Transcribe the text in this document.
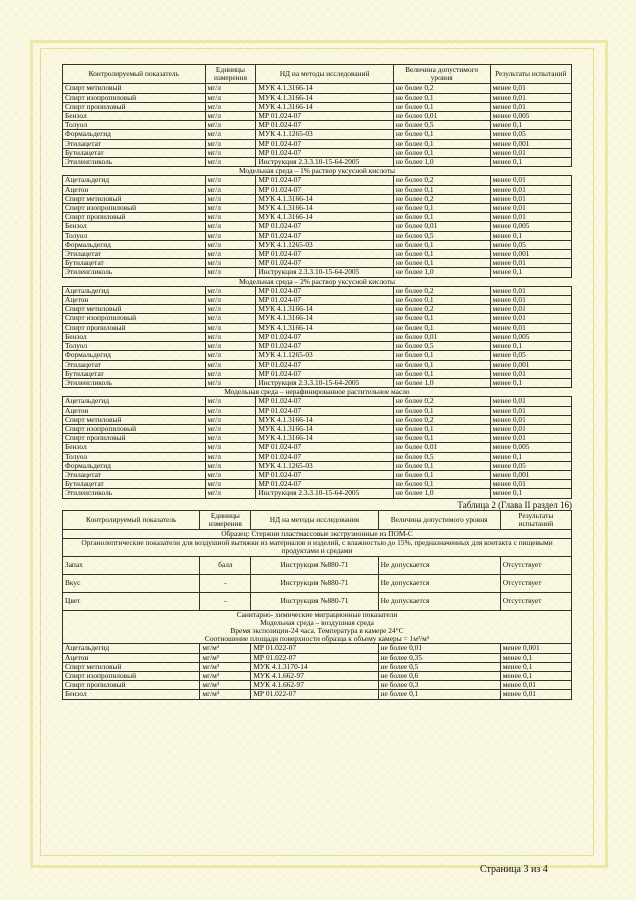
Контролируемый показатель	Единицы измерения	НД на методы исследований	Величина допустимого уровня	Результаты испытаний
Спирт метиловый	мг/л	МУК 4.1.3166-14	не более 0,2	менее 0,01
Спирт изопропиловый	мг/л	МУК 4.1.3166-14	не более 0,1	менее 0,01
Спирт пропиловый	мг/л	МУК 4.1.3166-14	не более 0,1	менее 0,01
Бензол	мг/л	МР 01.024-07	не более 0,01	менее 0,005
Толуол	мг/л	МР 01.024-07	не более 0,5	менее 0,1
Формальдегид	мг/л	МУК 4.1.1265-03	не более 0,1	менее 0,05
Этилацетат	мг/л	МР 01.024-07	не более 0,1	менее 0,001
Бутилацетат	мг/л	МР 01.024-07	не более 0,1	менее 0,01
Этиленгликоль	мг/л	Инструкция 2.3.3.10-15-64-2005	не более 1,0	менее 0,1
Модельная среда – 1% раствор уксусной кислоты				
Ацетальдегид	мг/л	МР 01.024-07	не более 0,2	менее 0,01
Ацетон	мг/л	МР 01.024-07	не более 0,1	менее 0,01
Спирт метиловый	мг/л	МУК 4.1.3166-14	не более 0,2	менее 0,01
Спирт изопропиловый	мг/л	МУК 4.1.3166-14	не более 0,1	менее 0,01
Спирт пропиловый	мг/л	МУК 4.1.3166-14	не более 0,1	менее 0,01
Бензол	мг/л	МР 01.024-07	не более 0,01	менее 0,005
Толуол	мг/л	МР 01.024-07	не более 0,5	менее 0,1
Формальдегид	мг/л	МУК 4.1.1265-03	не более 0,1	менее 0,05
Этилацетат	мг/л	МР 01.024-07	не более 0,1	менее 0,001
Бутилацетат	мг/л	МР 01.024-07	не более 0,1	менее 0,01
Этиленгликоль	мг/л	Инструкция 2.3.3.10-15-64-2005	не более 1,0	менее 0,1
Модельная среда – 2% раствор уксусной кислоты				
Ацетальдегид	мг/л	МР 01.024-07	не более 0,2	менее 0,01
Ацетон	мг/л	МР 01.024-07	не более 0,1	менее 0,01
Спирт метиловый	мг/л	МУК 4.1.3166-14	не более 0,2	менее 0,01
Спирт изопропиловый	мг/л	МУК 4.1.3166-14	не более 0,1	менее 0,01
Спирт пропиловый	мг/л	МУК 4.1.3166-14	не более 0,1	менее 0,01
Бензол	мг/л	МР 01.024-07	не более 0,01	менее 0,005
Толуол	мг/л	МР 01.024-07	не более 0,5	менее 0,1
Формальдегид	мг/л	МУК 4.1.1265-03	не более 0,1	менее 0,05
Этилацетат	мг/л	МР 01.024-07	не более 0,1	менее 0,001
Бутилацетат	мг/л	МР 01.024-07	не более 0,1	менее 0,01
Этиленгликоль	мг/л	Инструкция 2.3.3.10-15-64-2005	не более 1,0	менее 0,1
Модельная среда – нерафинированное растительное масло				
Ацетальдегид	мг/л	МР 01.024-07	не более 0,2	менее 0,01
Ацетон	мг/л	МР 01.024-07	не более 0,1	менее 0,01
Спирт метиловый	мг/л	МУК 4.1.3166-14	не более 0,2	менее 0,01
Спирт изопропиловый	мг/л	МУК 4.1.3166-14	не более 0,1	менее 0,01
Спирт пропиловый	мг/л	МУК 4.1.3166-14	не более 0,1	менее 0,01
Бензол	мг/л	МР 01.024-07	не более 0,01	менее 0,005
Толуол	мг/л	МР 01.024-07	не более 0,5	менее 0,1
Формальдегид	мг/л	МУК 4.1.1265-03	не более 0,1	менее 0,05
Этилацетат	мг/л	МР 01.024-07	не более 0,1	менее 0,001
Бутилацетат	мг/л	МР 01.024-07	не более 0,1	менее 0,01
Этиленгликоль	мг/л	Инструкция 2.3.3.10-15-64-2005	не более 1,0	менее 0,1
Таблица 2 (Глава II раздел 16)
Контролируемый показатель	Единицы измерения	НД на методы исследования	Величина допустимого уровня	Результаты испытаний
Образец: Стержни пластмассовые экструзионные из ПОМ-С				
Органолептические показатели для воздушной вытяжки из материалов и изделий, с влажностью до 15%, предназначенных для контакта с пищевыми продуктами и средами				
Запах	балл	Инструкция №880-71	Не допускается	Отсутствует
Вкус	-	Инструкция №880-71	Не допускается	Отсутствует
Цвет	-	Инструкция №880-71	Не допускается	Отсутствует

Санитарно- химические миграционные показатели
Модельная среда – воздушная среда
Время экспозиции-24 часа. Температура в камере 24°С
Соотношение площади поверхности образца к объему камеры = 1м²/м³				

Ацетальдегид	мг/м³	МР 01.022-07	не более 0,01	менее 0,001
Ацетон	мг/м³	МР 01.022-07	не более 0,35	менее 0,1
Спирт метиловый	мг/м³	МУК 4.1.3170-14	не более 0,5	менее 0,1
Спирт изопропиловый	мг/м³	МУК 4.1.662-97	не более 0,6	менее 0,1
Спирт пропиловый	мг/м³	МУК 4.1.662-97	не более 0,3	менее 0,01
Бензол	мг/м³	МР 01.022-07	не более 0,1	менее 0,01
Страница 3 из 4
